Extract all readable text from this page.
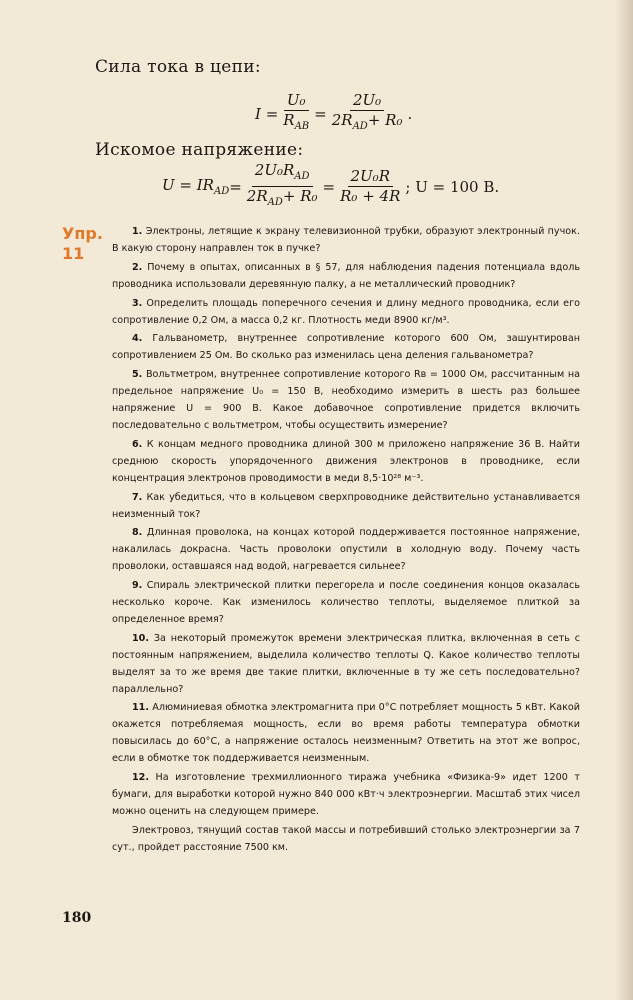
Сила тока в цепи:
$I = \frac{\text{U₀}}{R_{AB}} = \frac{\text{2U₀}}{2R_{AD}+ R_0}$ .
Искомое напряжение:
$U = IR_{AD} = \frac{2U_0R_{AD}}{2R_{AD}+ R_0} = \frac{\text{2U₀R}}{\text{R₀ + 4R}}$ ; U = 100 В.
Упр.
11

1. Электроны, летящие к экрану телевизионной трубки, образуют электронный пучок. В какую сторону направлен ток в пучке?

2. Почему в опытах, описанных в § 57, для наблюдения падения потенциала вдоль проводника использовали деревянную палку, а не металлический проводник?

3. Определить площадь поперечного сечения и длину медного проводника, если его сопротивление 0,2 Ом, а масса 0,2 кг. Плотность меди 8900 кг/м³.

4. Гальванометр, внутреннее сопротивление которого 600 Ом, зашунтирован сопротивлением 25 Ом. Во сколько раз изменилась цена деления гальванометра?

5. Вольтметром, внутреннее сопротивление которого Rв = 1000 Ом, рассчитанным на предельное напряжение U₀ = 150 В, необходимо измерить в шесть раз большее напряжение U = 900 В. Какое добавочное сопротивление придется включить последовательно с вольтметром, чтобы осуществить измерение?

6. К концам медного проводника длиной 300 м приложено напряжение 36 В. Найти среднюю скорость упорядоченного движения электронов в проводнике, если концентрация электронов проводимости в меди 8,5·10²⁸ м⁻³.

7. Как убедиться, что в кольцевом сверхпроводнике действительно устанавливается неизменный ток?

8. Длинная проволока, на концах которой поддерживается постоянное напряжение, накалилась докрасна. Часть проволоки опустили в холодную воду. Почему часть проволоки, оставшаяся над водой, нагревается сильнее?

9. Спираль электрической плитки перегорела и после соединения концов оказалась несколько короче. Как изменилось количество теплоты, выделяемое плиткой за определенное время?

10. За некоторый промежуток времени электрическая плитка, включенная в сеть с постоянным напряжением, выделила количество теплоты Q. Какое количество теплоты выделят за то же время две такие плитки, включенные в ту же сеть последовательно? параллельно?

11. Алюминиевая обмотка электромагнита при 0°С потребляет мощность 5 кВт. Какой окажется потребляемая мощность, если во время работы температура обмотки повысилась до 60°С, а напряжение осталось неизменным? Ответить на этот же вопрос, если в обмотке ток поддерживается неизменным.

12. На изготовление трехмиллионного тиража учебника «Физика-9» идет 1200 т бумаги, для выработки которой нужно 840 000 кВт·ч электроэнергии. Масштаб этих чисел можно оценить на следующем примере.

Электровоз, тянущий состав такой массы и потребивший столько электроэнергии за 7 сут., пройдет расстояние 7500 км.

180
